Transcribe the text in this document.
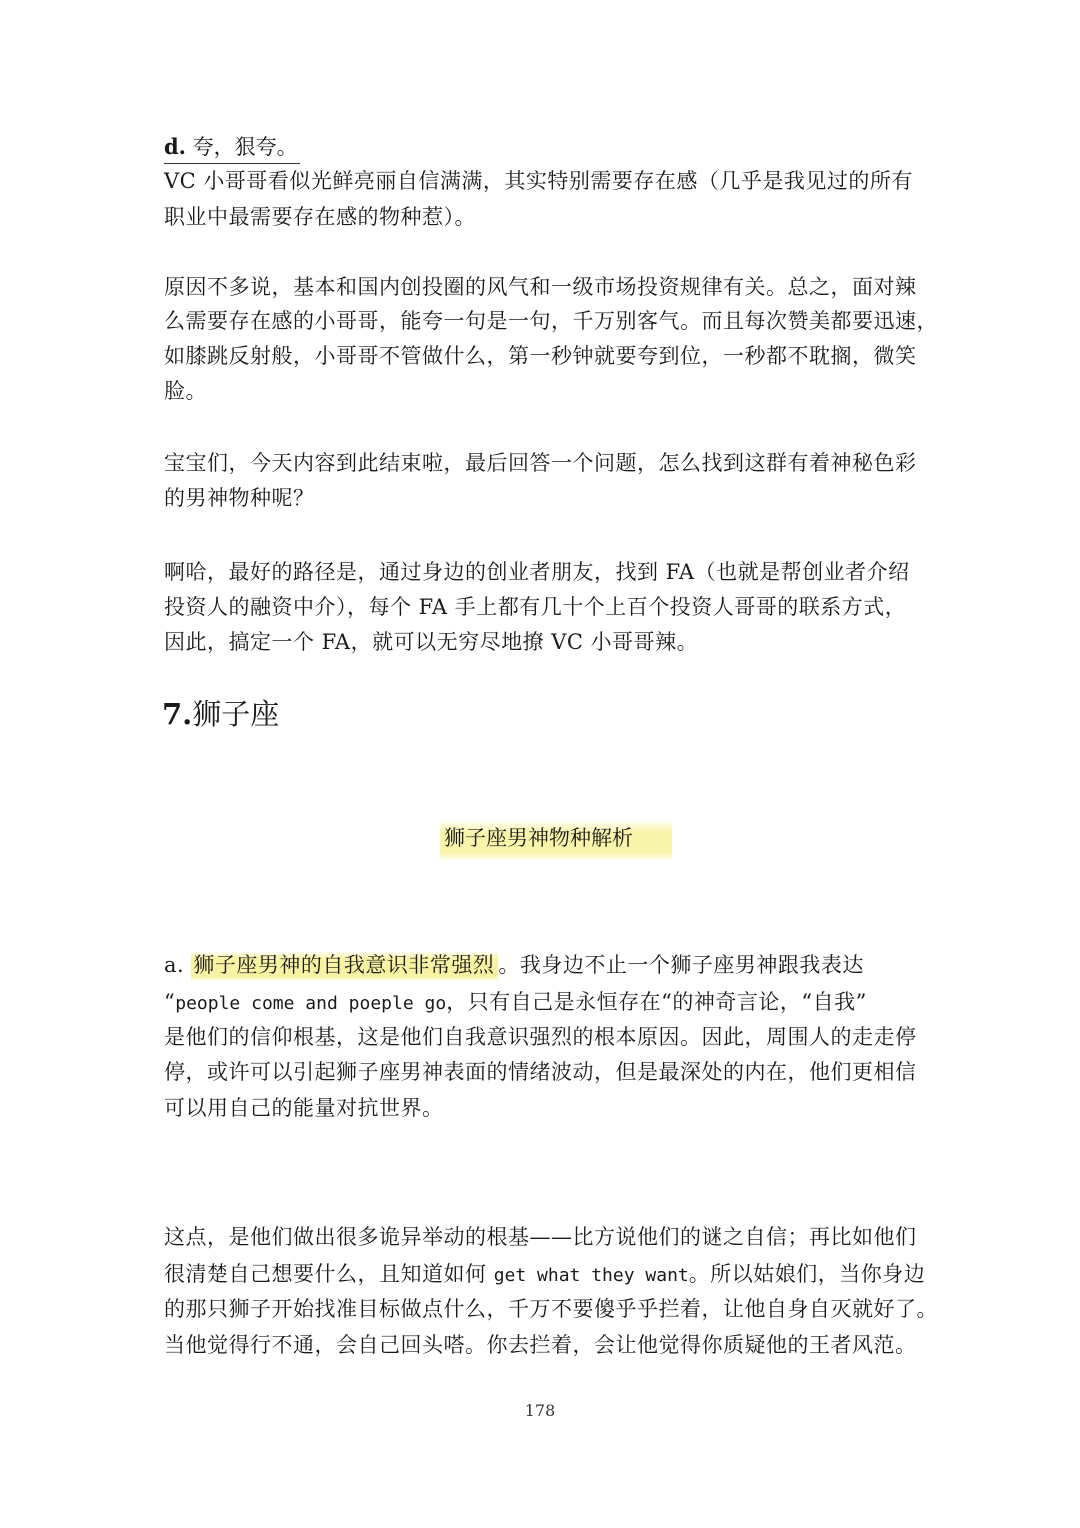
d. 夸，狠夸。
VC 小哥哥看似光鲜亮丽自信满满，其实特别需要存在感（几乎是我见过的所有
职业中最需要存在感的物种惹）。
原因不多说，基本和国内创投圈的风气和一级市场投资规律有关。总之，面对辣
么需要存在感的小哥哥，能夸一句是一句，千万别客气。而且每次赞美都要迅速，
如膝跳反射般，小哥哥不管做什么，第一秒钟就要夸到位，一秒都不耽搁，微笑
脸。
宝宝们，今天内容到此结束啦，最后回答一个问题，怎么找到这群有着神秘色彩
的男神物种呢？
啊哈，最好的路径是，通过身边的创业者朋友，找到 FA（也就是帮创业者介绍
投资人的融资中介），每个 FA 手上都有几十个上百个投资人哥哥的联系方式，
因此，搞定一个 FA，就可以无穷尽地撩 VC 小哥哥辣。
7.狮子座
狮子座男神物种解析
a. 狮子座男神的自我意识非常强烈 。我身边不止一个狮子座男神跟我表达
“people come and poeple go，只有自己是永恒存在“的神奇言论，“自我”
是他们的信仰根基，这是他们自我意识强烈的根本原因。因此，周围人的走走停
停，或许可以引起狮子座男神表面的情绪波动，但是最深处的内在，他们更相信
可以用自己的能量对抗世界。
这点，是他们做出很多诡异举动的根基——比方说他们的谜之自信；再比如他们
很清楚自己想要什么，且知道如何 get what they want。所以姑娘们，当你身边
的那只狮子开始找准目标做点什么，千万不要傻乎乎拦着，让他自身自灭就好了。
当他觉得行不通，会自己回头嗒。你去拦着，会让他觉得你质疑他的王者风范。
178
